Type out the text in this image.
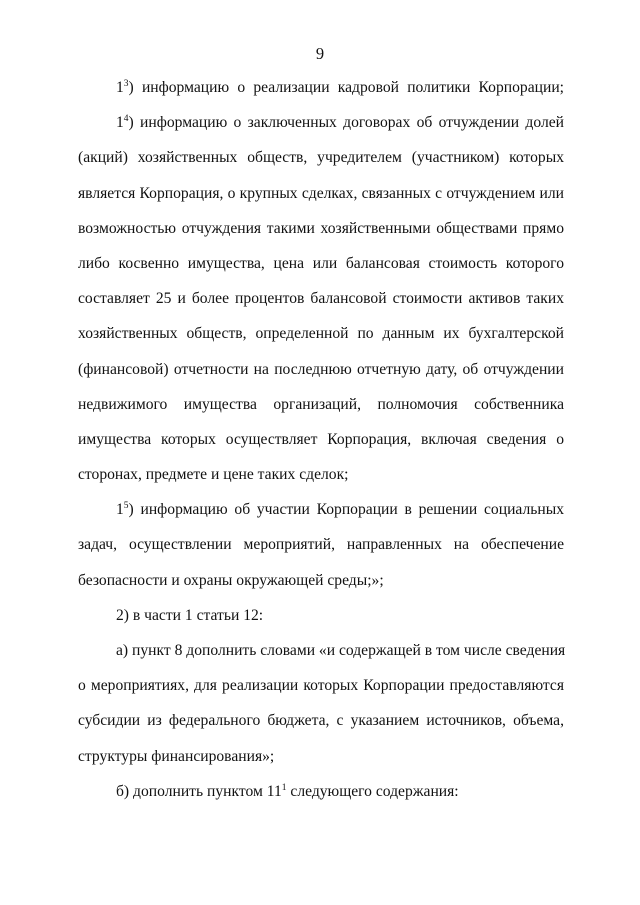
9
$1^3$) информацию о реализации кадровой политики Корпорации;
$1^4$) информацию о заключенных договорах об отчуждении долей
(акций) хозяйственных обществ, учредителем (участником) которых
является Корпорация, о крупных сделках, связанных с отчуждением или
возможностью отчуждения такими хозяйственными обществами прямо
либо косвенно имущества, цена или балансовая стоимость которого
составляет 25 и более процентов балансовой стоимости активов таких
хозяйственных обществ, определенной по данным их бухгалтерской
(финансовой) отчетности на последнюю отчетную дату, об отчуждении
недвижимого имущества организаций, полномочия собственника
имущества которых осуществляет Корпорация, включая сведения о
сторонах, предмете и цене таких сделок;
$1^5$) информацию об участии Корпорации в решении социальных
задач, осуществлении мероприятий, направленных на обеспечение
безопасности и охраны окружающей среды;»;
2) в части 1 статьи 12:
а) пункт 8 дополнить словами «и содержащей в том числе сведения
о мероприятиях, для реализации которых Корпорации предоставляются
субсидии из федерального бюджета, с указанием источников, объема,
структуры финансирования»;
б) дополнить пунктом $11^1$ следующего содержания:
